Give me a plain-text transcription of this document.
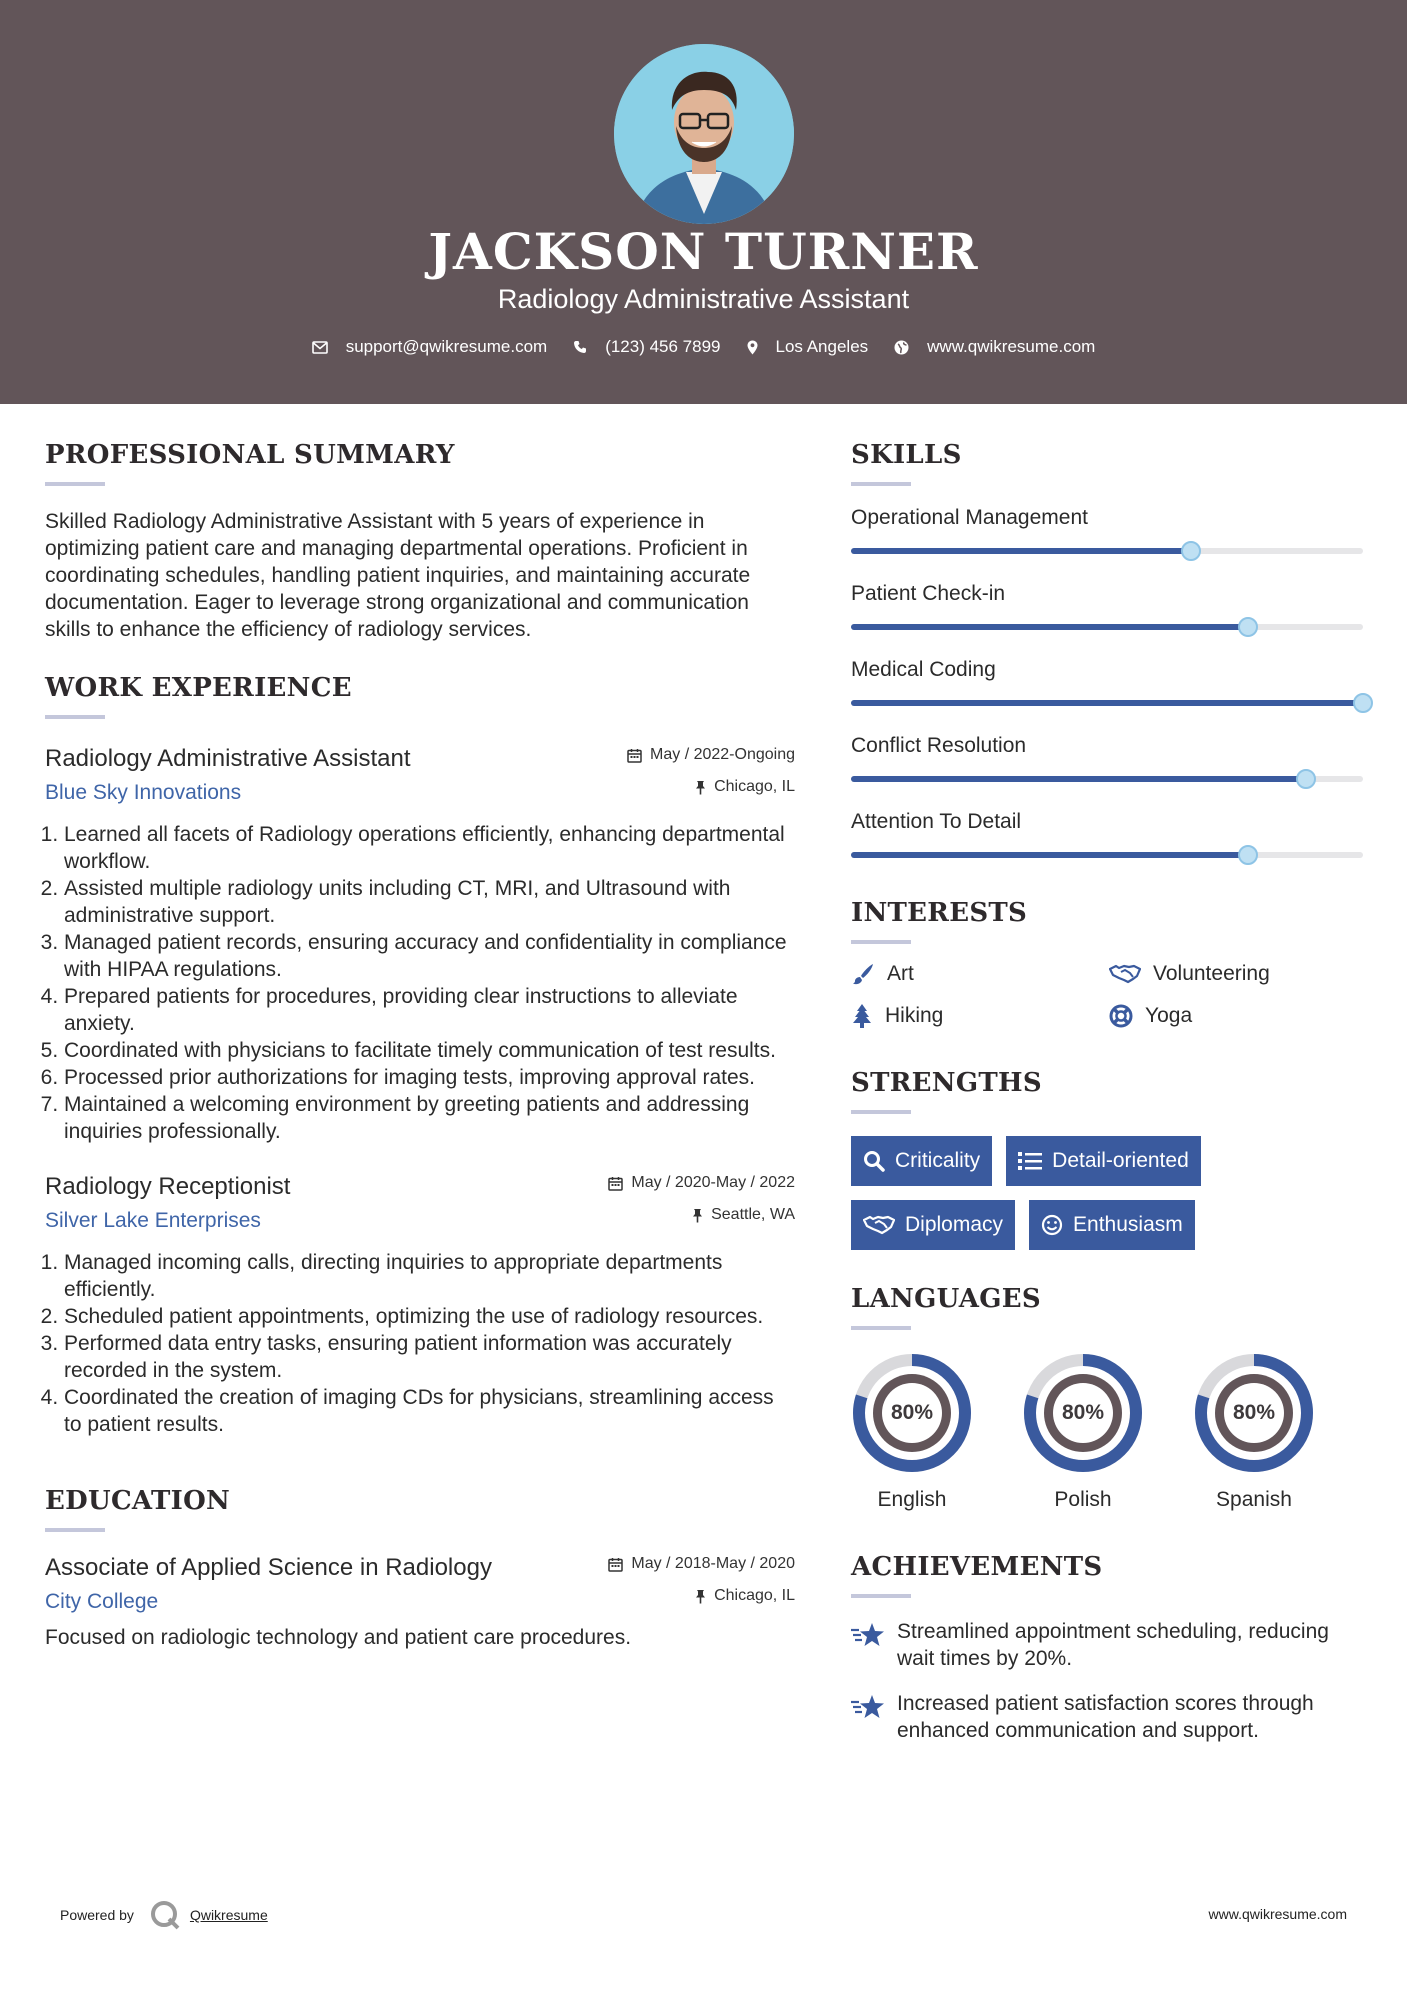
JACKSON TURNER
Radiology Administrative Assistant
support@qwikresume.com	(123) 456 7899	Los Angeles	www.qwikresume.com
PROFESSIONAL SUMMARY
Skilled Radiology Administrative Assistant with 5 years of experience in optimizing patient care and managing departmental operations. Proficient in coordinating schedules, handling patient inquiries, and maintaining accurate documentation. Eager to leverage strong organizational and communication skills to enhance the efficiency of radiology services.
WORK EXPERIENCE
Radiology Administrative Assistant
Blue Sky Innovations
May / 2022-Ongoing
Chicago, IL
1. Learned all facets of Radiology operations efficiently, enhancing departmental workflow.
2. Assisted multiple radiology units including CT, MRI, and Ultrasound with administrative support.
3. Managed patient records, ensuring accuracy and confidentiality in compliance with HIPAA regulations.
4. Prepared patients for procedures, providing clear instructions to alleviate anxiety.
5. Coordinated with physicians to facilitate timely communication of test results.
6. Processed prior authorizations for imaging tests, improving approval rates.
7. Maintained a welcoming environment by greeting patients and addressing inquiries professionally.
Radiology Receptionist
Silver Lake Enterprises
May / 2020-May / 2022
Seattle, WA
1. Managed incoming calls, directing inquiries to appropriate departments efficiently.
2. Scheduled patient appointments, optimizing the use of radiology resources.
3. Performed data entry tasks, ensuring patient information was accurately recorded in the system.
4. Coordinated the creation of imaging CDs for physicians, streamlining access to patient results.
EDUCATION
Associate of Applied Science in Radiology
City College
May / 2018-May / 2020
Chicago, IL
Focused on radiologic technology and patient care procedures.
SKILLS
Operational Management
Patient Check-in
Medical Coding
Conflict Resolution
Attention To Detail
INTERESTS
Art	Volunteering
Hiking	Yoga
STRENGTHS
Criticality	Detail-oriented
Diplomacy	Enthusiasm
LANGUAGES
80%
English
80%
Polish
80%
Spanish
ACHIEVEMENTS
Streamlined appointment scheduling, reducing wait times by 20%.
Increased patient satisfaction scores through enhanced communication and support.
Powered by	Qwikresume	www.qwikresume.com
